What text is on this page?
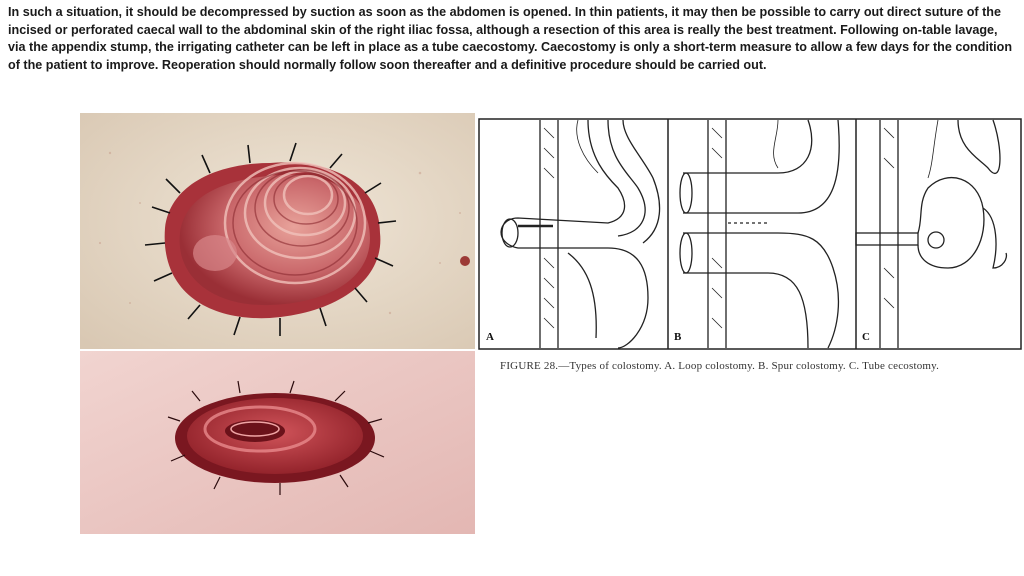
In such a situation, it should be decompressed by suction as soon as the abdomen is opened. In thin patients, it may then be possible to carry out direct suture of the incised or perforated caecal wall to the abdominal skin of the right iliac fossa, although a resection of this area is really the best treatment. Following on-table lavage, via the appendix stump, the irrigating catheter can be left in place as a tube caecostomy. Caecostomy is only a short-term measure to allow a few days for the condition of the patient to improve. Reoperation should normally follow soon thereafter and a definitive procedure should be carried out.

A	B	C
FIGURE 28.—Types of colostomy. A. Loop colostomy. B. Spur colostomy. C. Tube cecostomy.
